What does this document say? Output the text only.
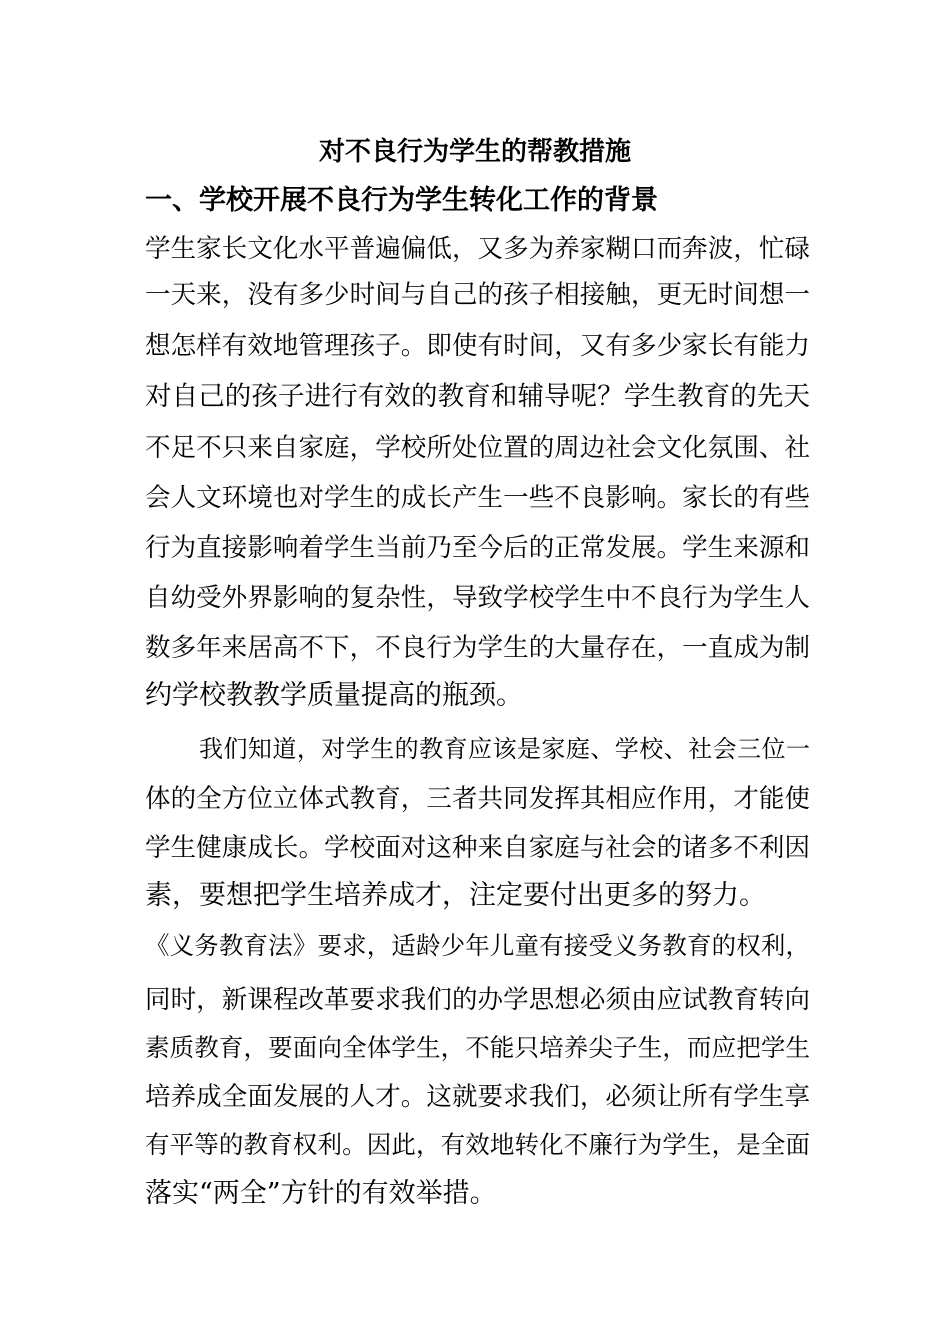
对不良行为学生的帮教措施
一、学校开展不良行为学生转化工作的背景
学生家长文化水平普遍偏低，又多为养家糊口而奔波，忙碌
一天来，没有多少时间与自己的孩子相接触，更无时间想一
想怎样有效地管理孩子。即使有时间，又有多少家长有能力
对自己的孩子进行有效的教育和辅导呢？学生教育的先天
不足不只来自家庭，学校所处位置的周边社会文化氛围、社
会人文环境也对学生的成长产生一些不良影响。家长的有些
行为直接影响着学生当前乃至今后的正常发展。学生来源和
自幼受外界影响的复杂性，导致学校学生中不良行为学生人
数多年来居高不下，不良行为学生的大量存在，一直成为制
约学校教教学质量提高的瓶颈。
我们知道，对学生的教育应该是家庭、学校、社会三位一
体的全方位立体式教育，三者共同发挥其相应作用，才能使
学生健康成长。学校面对这种来自家庭与社会的诸多不利因
素，要想把学生培养成才，注定要付出更多的努力。
《义务教育法》要求，适龄少年儿童有接受义务教育的权利，
同时，新课程改革要求我们的办学思想必须由应试教育转向
素质教育，要面向全体学生，不能只培养尖子生，而应把学生
培养成全面发展的人才。这就要求我们，必须让所有学生享
有平等的教育权利。因此，有效地转化不廉行为学生，是全面
落实“两全”方针的有效举措。
